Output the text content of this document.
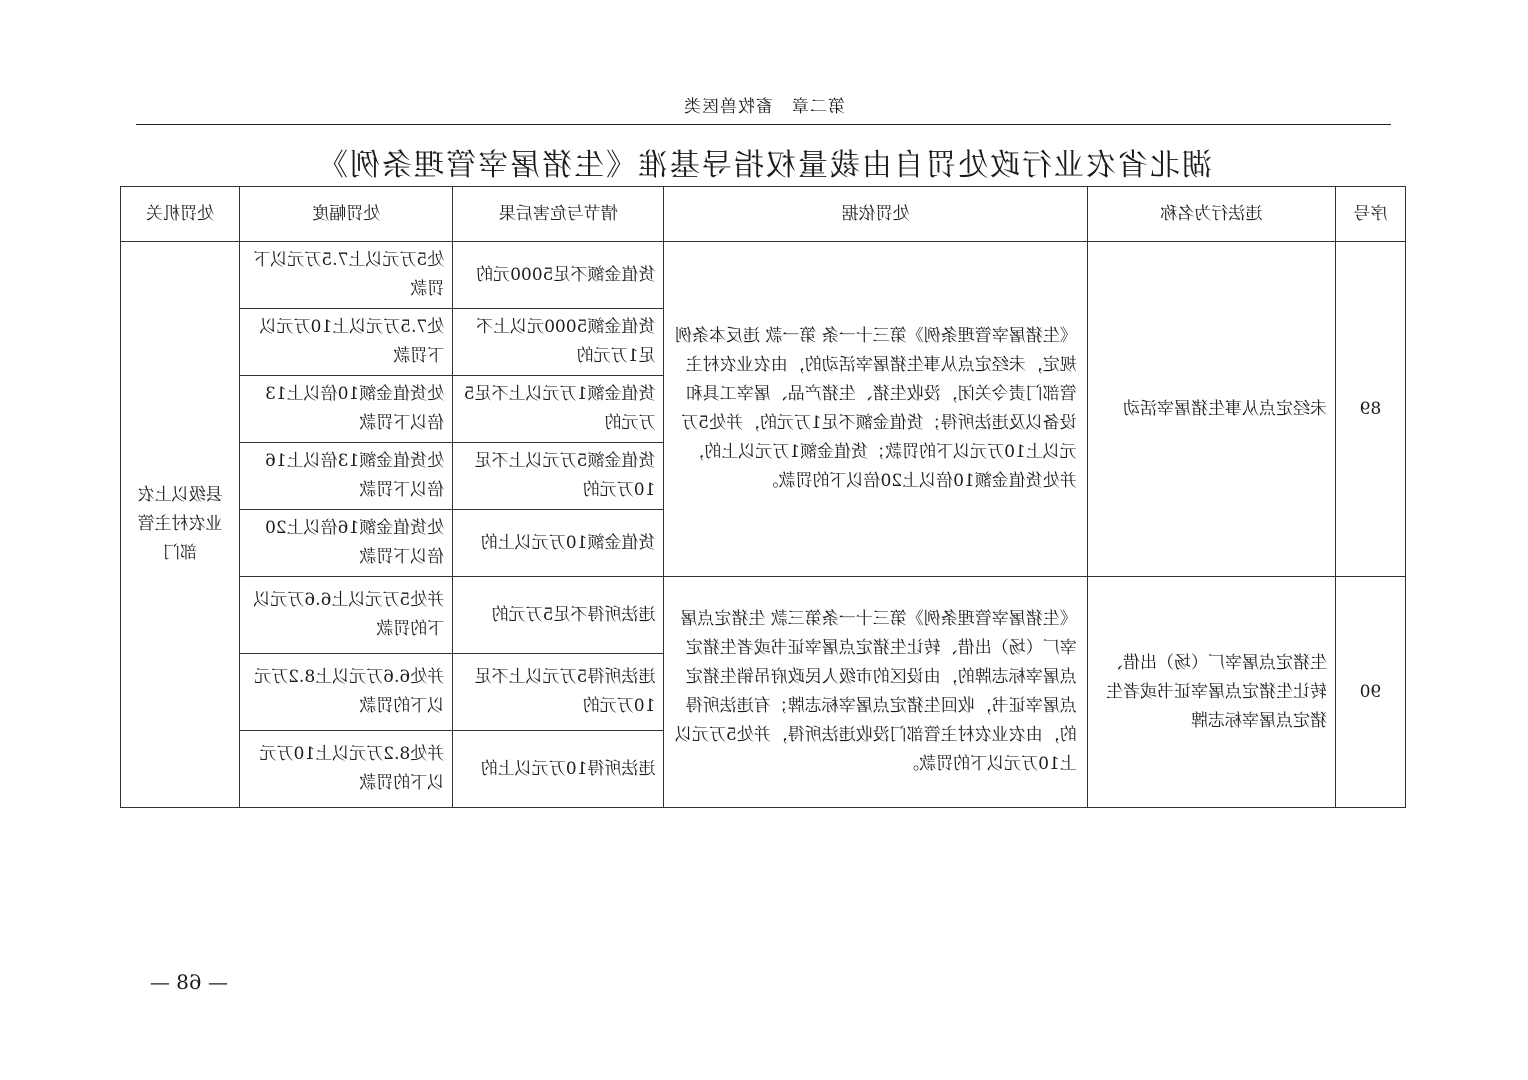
第二章　畜牧兽医类
湖北省农业行政处罚自由裁量权指导基准《生猪屠宰管理条例》
序号	违法行为名称	处罚依据	情节与危害后果	处罚幅度	处罚机关
89	未经定点从事生猪屠宰活动	《生猪屠宰管理条例》第三十一条 第一款 违反本条例规定，未经定点从事生猪屠宰活动的，由农业农村主管部门责令关闭，没收生猪、生猪产品、屠宰工具和设备以及违法所得；货值金额不足1万元的，并处5万元以上10万元以下的罚款；货值金额1万元以上的，并处货值金额10倍以上20倍以下的罚款。	货值金额不足5000元的	处5万元以上7.5万元以下罚款	县级以上农业农村主管部门
			货值金额5000元以上不足1万元的	处7.5万元以上10万元以下罚款	
			货值金额1万元以上不足5万元的	处货值金额10倍以上13倍以下罚款	
			货值金额5万元以上不足10万元的	处货值金额13倍以上16倍以下罚款	
			货值金额10万元以上的	处货值金额16倍以上20倍以下罚款	
90	生猪定点屠宰厂（场）出借、转让生猪定点屠宰证书或者生猪定点屠宰标志牌	《生猪屠宰管理条例》第三十一条第三款 生猪定点屠宰厂（场）出借、转让生猪定点屠宰证书或者生猪定点屠宰标志牌的，由设区的市级人民政府吊销生猪定点屠宰证书，收回生猪定点屠宰标志牌；有违法所得的，由农业农村主管部门没收违法所得，并处5万元以上10万元以下的罚款。	违法所得不足5万元的	并处5万元以上6.6万元以下的罚款	
			违法所得5万元以上不足10万元的	并处6.6万元以上8.2万元以下的罚款	
			违法所得10万元以上的	并处8.2万元以上10万元以下的罚款	
— 68 —
